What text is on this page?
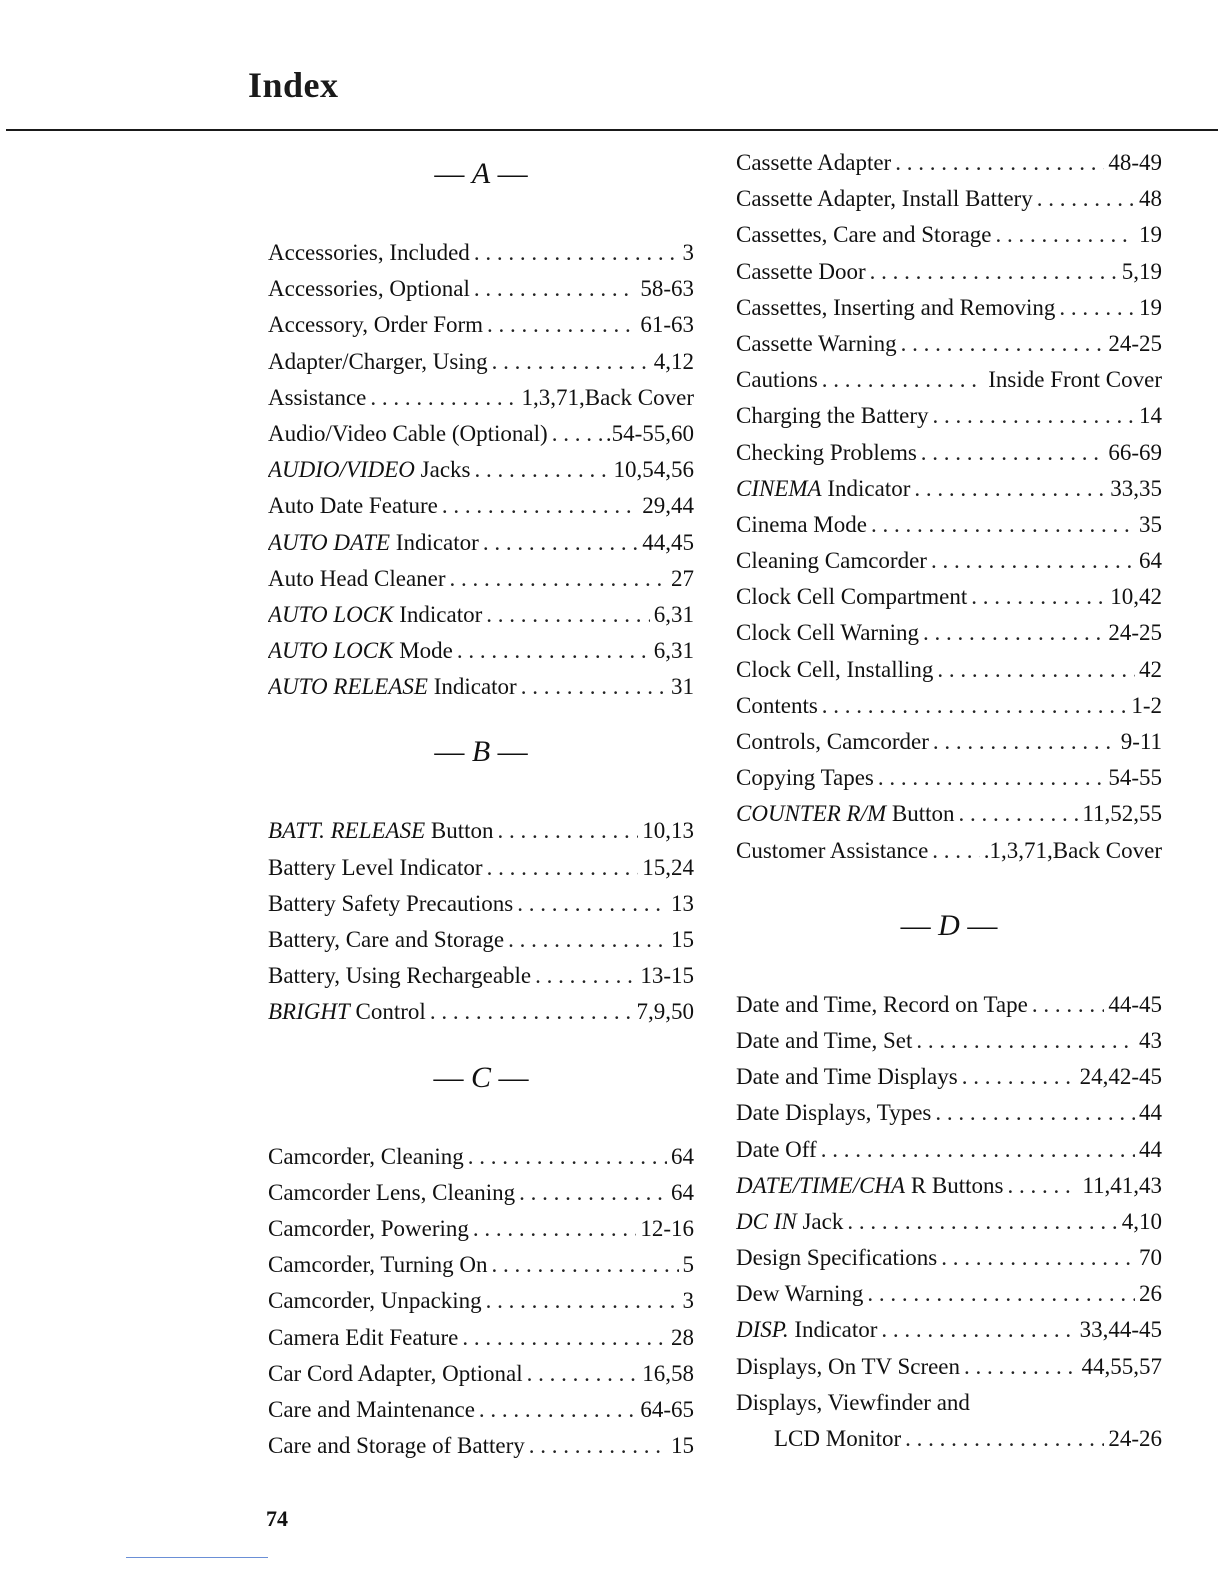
Index
— A —
Accessories, Included . . .	3
Accessories, Optional . . .	58-63
Accessory, Order Form . . .	61-63
Adapter/Charger, Using . . .	4,12
Assistance . . .	1,3,71,Back Cover
Audio/Video Cable (Optional) . . .	.54-55,60
AUDIO/VIDEO Jacks . . .	10,54,56
Auto Date Feature . . .	29,44
AUTO DATE Indicator . . .	44,45
Auto Head Cleaner . . .	27
AUTO LOCK Indicator . . .	6,31
AUTO LOCK Mode . . .	6,31
AUTO RELEASE Indicator . . .	31
— B —
BATT. RELEASE Button . . .	10,13
Battery Level Indicator . . .	15,24
Battery Safety Precautions . . .	13
Battery, Care and Storage . . .	15
Battery, Using Rechargeable . . .	13-15
BRIGHT Control . . .	7,9,50
— C —
Camcorder, Cleaning . . .	64
Camcorder Lens, Cleaning . . .	64
Camcorder, Powering . . .	12-16
Camcorder, Turning On . . .	5
Camcorder, Unpacking . . .	3
Camera Edit Feature . . .	28
Car Cord Adapter, Optional . . .	16,58
Care and Maintenance . . .	64-65
Care and Storage of Battery . . .	15
Cassette Adapter . . .	48-49
Cassette Adapter, Install Battery . . .	48
Cassettes, Care and Storage . . .	19
Cassette Door . . .	5,19
Cassettes, Inserting and Removing . . .	19
Cassette Warning . . .	24-25
Cautions . . .	Inside Front Cover
Charging the Battery . . .	14
Checking Problems . . .	66-69
CINEMA Indicator . . .	33,35
Cinema Mode . . .	35
Cleaning Camcorder . . .	64
Clock Cell Compartment . . .	10,42
Clock Cell Warning . . .	24-25
Clock Cell, Installing . . .	42
Contents . . .	1-2
Controls, Camcorder . . .	9-11
Copying Tapes . . .	54-55
COUNTER R/M Button . . .	11,52,55
Customer Assistance . . . .1,3,71,Back Cover
— D —
Date and Time, Record on Tape . . .	44-45
Date and Time, Set . . .	43
Date and Time Displays . . .	24,42-45
Date Displays, Types . . .	44
Date Off . . .	44
DATE/TIME/CHA R Buttons . . .	11,41,43
DC IN Jack . . .	4,10
Design Specifications . . .	70
Dew Warning . . .	26
DISP. Indicator . . .	33,44-45
Displays, On TV Screen . . .	44,55,57
Displays, Viewfinder and
LCD Monitor . . .	24-26
74
